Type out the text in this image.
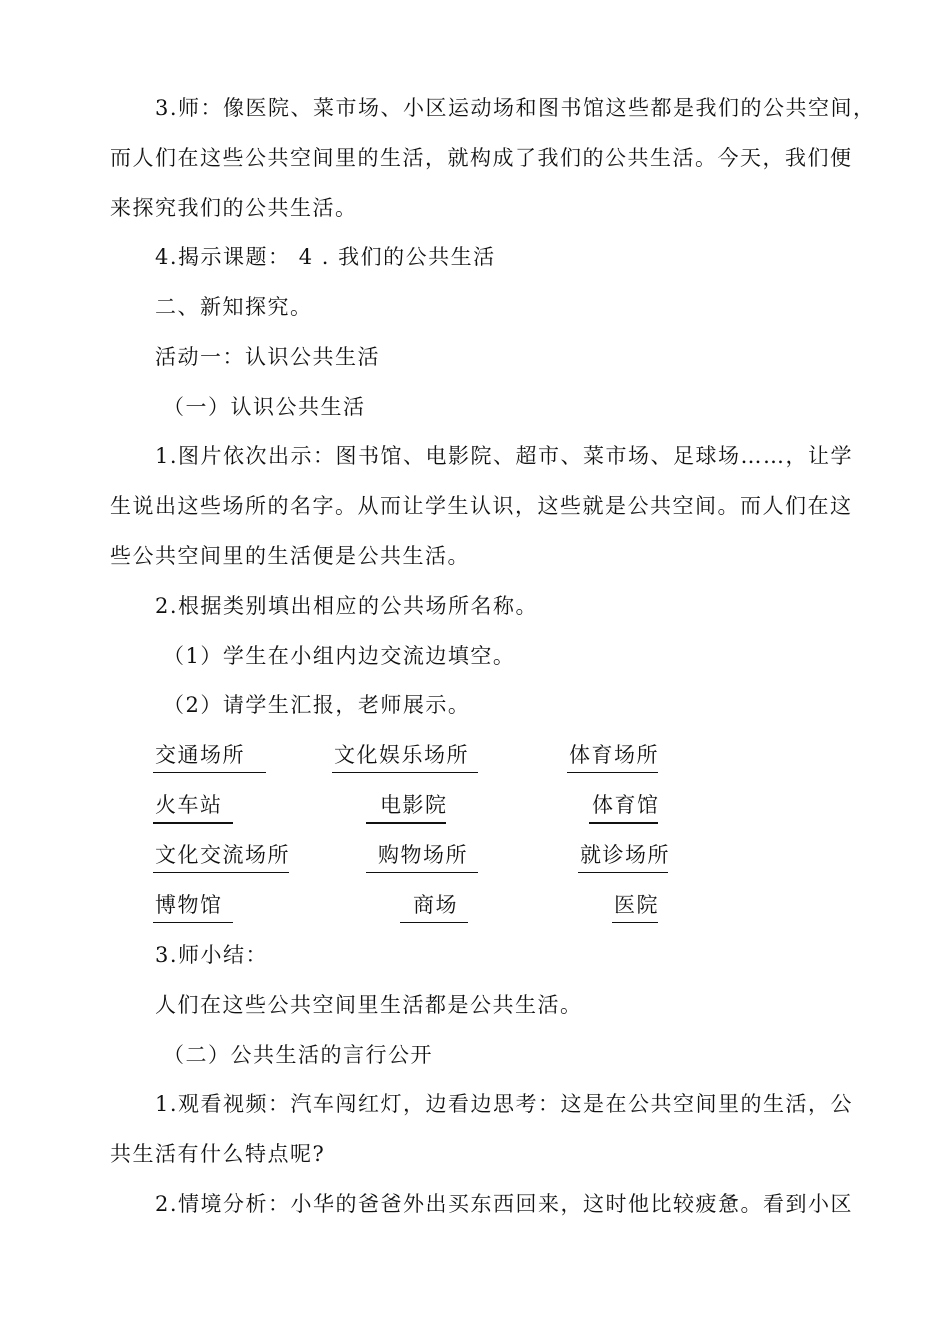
3.师：像医院、菜市场、小区运动场和图书馆这些都是我们的公共空间，
而人们在这些公共空间里的生活，就构成了我们的公共生活。今天，我们便
来探究我们的公共生活。
4.揭示课题： 4 . 我们的公共生活
二、新知探究。
活动一：认识公共生活
（一）认识公共生活
1.图片依次出示：图书馆、电影院、超市、菜市场、足球场……，让学
生说出这些场所的名字。从而让学生认识，这些就是公共空间。而人们在这
些公共空间里的生活便是公共生活。
2.根据类别填出相应的公共场所名称。
（1）学生在小组内边交流边填空。
（2）请学生汇报，老师展示。
交通场所	文化娱乐场所	体育场所
火车站	电影院	体育馆
文化交流场所	购物场所	就诊场所
博物馆	商场	医院
3.师小结：
人们在这些公共空间里生活都是公共生活。
（二）公共生活的言行公开
1.观看视频：汽车闯红灯，边看边思考：这是在公共空间里的生活，公
共生活有什么特点呢?
2.情境分析：小华的爸爸外出买东西回来，这时他比较疲惫。看到小区
